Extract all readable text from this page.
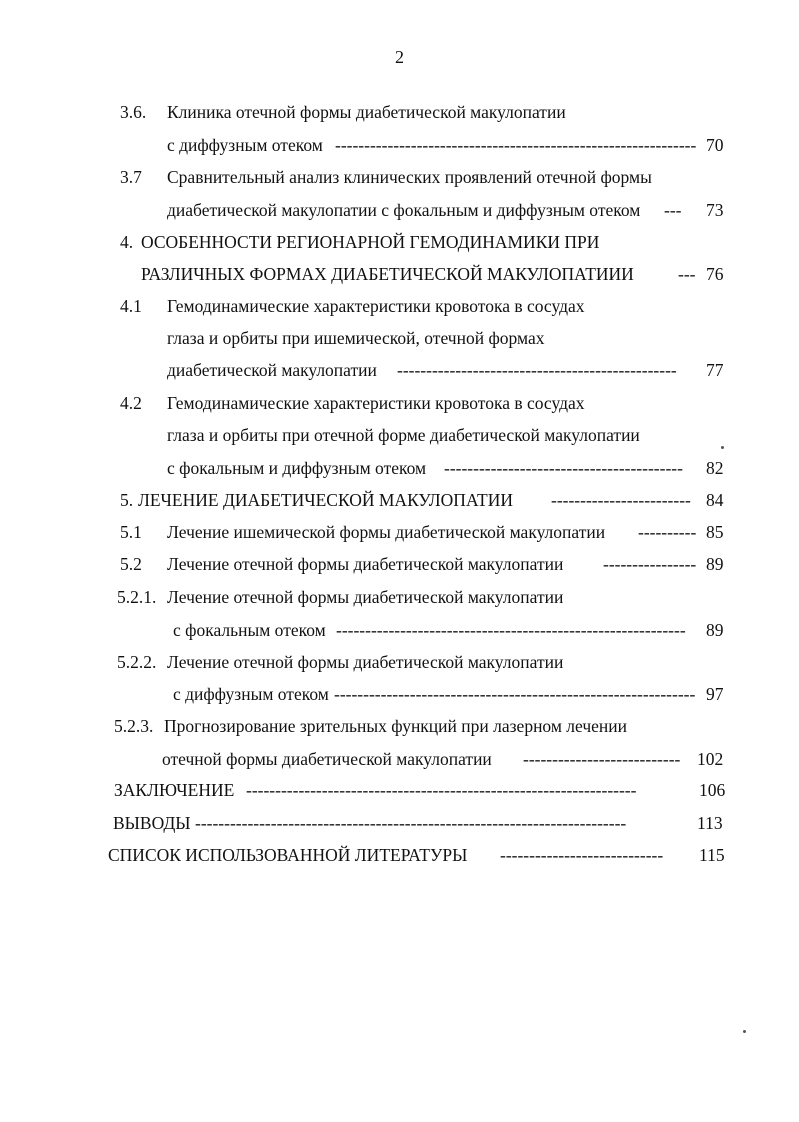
2
3.6. Клиника отечной формы диабетической макулопатии
с диффузным отеком -------------------------------------------------------------- 70
3.7 Сравнительный анализ клинических проявлений отечной формы
диабетической макулопатии с фокальным и диффузным отеком --- 73
4. ОСОБЕННОСТИ РЕГИОНАРНОЙ ГЕМОДИНАМИКИ ПРИ
РАЗЛИЧНЫХ ФОРМАХ ДИАБЕТИЧЕСКОЙ МАКУЛОПАТИИИ	--- 76
4.1 Гемодинамические характеристики кровотока в сосудах
глаза и орбиты при ишемической, отечной формах
диабетической макулопатии ------------------------------------------------ 77
4.2 Гемодинамические характеристики кровотока в сосудах
глаза и орбиты при отечной форме диабетической макулопатии
с фокальным и диффузным отеком ----------------------------------------- 82
5. ЛЕЧЕНИЕ ДИАБЕТИЧЕСКОЙ МАКУЛОПАТИИ ------------------------ 84
5.1 Лечение ишемической формы диабетической макулопатии ---------- 85
5.2 Лечение отечной формы диабетической макулопатии ---------------- 89
5.2.1. Лечение отечной формы диабетической макулопатии
с фокальным отеком ------------------------------------------------------------ 89
5.2.2. Лечение отечной формы диабетической макулопатии
с диффузным отеком -------------------------------------------------------------- 97
5.2.3. Прогнозирование зрительных функций при лазерном лечении
отечной формы диабетической макулопатии --------------------------- 102
ЗАКЛЮЧЕНИЕ -------------------------------------------------------------------	106
ВЫВОДЫ --------------------------------------------------------------------------	113
СПИСОК ИСПОЛЬЗОВАННОЙ ЛИТЕРАТУРЫ ---------------------------- 115
